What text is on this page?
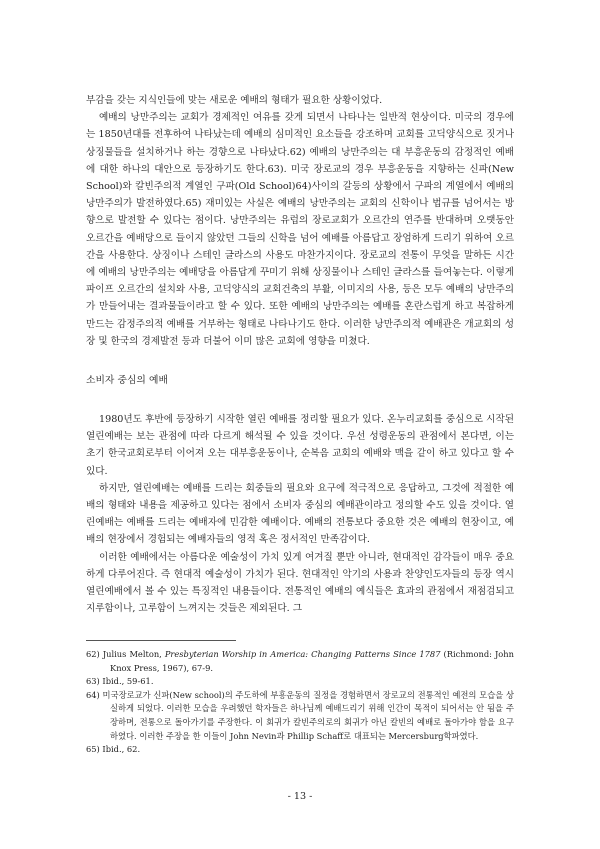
부감을 갖는 지식인들에 맞는 새로운 예배의 형태가 필요한 상황이었다.

예배의 낭만주의는 교회가 경제적인 여유를 갖게 되면서 나타나는 일반적 현상이다. 미국의 경우에는 1850년대를 전후하여 나타났는데 예배의 심미적인 요소들을 강조하며 교회를 고딕양식으로 짓거나 상징물들을 설치하거나 하는 경향으로 나타났다.62) 예배의 낭만주의는 대 부흥운동의 감정적인 예배에 대한 하나의 대안으로 등장하기도 한다.63). 미국 장로교의 경우 부흥운동을 지향하는 신파(New School)와 칼빈주의적 계열인 구파(Old School)64)사이의 갈등의 상황에서 구파의 계열에서 예배의 낭만주의가 발전하였다.65) 재미있는 사실은 예배의 낭만주의는 교회의 신학이나 법규를 넘어서는 방향으로 발전할 수 있다는 점이다. 낭만주의는 유럽의 장로교회가 오르간의 연주를 반대하며 오랫동안 오르간을 예배당으로 들이지 않았던 그들의 신학을 넘어 예배를 아름답고 장엄하게 드리기 위하여 오르간을 사용한다. 상징이나 스테인 글라스의 사용도 마찬가지이다. 장로교의 전통이 무엇을 말하든 시간에 예배의 낭만주의는 예배당을 아름답게 꾸미기 위해 상징물이나 스테인 글라스를 들여놓는다. 이렇게 파이프 오르간의 설치와 사용, 고딕양식의 교회건축의 부활, 이미지의 사용, 등은 모두 예배의 낭만주의가 만들어내는 결과물들이라고 할 수 있다. 또한 예배의 낭만주의는 예배를 혼란스럽게 하고 복잡하게 만드는 감정주의적 예배를 거부하는 형태로 나타나기도 한다. 이러한 낭만주의적 예배관은 개교회의 성장 및 한국의 경제발전 등과 더불어 이미 많은 교회에 영향을 미쳤다.

소비자 중심의 예배

1980년도 후반에 등장하기 시작한 열린 예배를 정리할 필요가 있다. 온누리교회를 중심으로 시작된 열린예배는 보는 관점에 따라 다르게 해석될 수 있을 것이다. 우선 성령운동의 관점에서 본다면, 이는 초기 한국교회로부터 이어져 오는 대부흥운동이나, 순복음 교회의 예배와 맥을 같이 하고 있다고 할 수 있다.

하지만, 열린예배는 예배를 드리는 회중들의 필요와 요구에 적극적으로 응답하고, 그것에 적절한 예배의 형태와 내용을 제공하고 있다는 점에서 소비자 중심의 예배관이라고 정의할 수도 있을 것이다. 열린예배는 예배를 드리는 예배자에 민감한 예배이다. 예배의 전통보다 중요한 것은 예배의 현장이고, 예배의 현장에서 경험되는 예배자들의 영적 혹은 정서적인 만족감이다.

이러한 예배에서는 아름다운 예술성이 가치 있게 여겨질 뿐만 아니라, 현대적인 감각들이 매우 중요하게 다루어진다. 즉 현대적 예술성이 가치가 된다. 현대적인 악기의 사용과 찬양인도자들의 등장 역시 열린예배에서 볼 수 있는 특징적인 내용들이다. 전통적인 예배의 예식들은 효과의 관점에서 재점검되고 지루함이나, 고루함이 느껴지는 것들은 제외된다. 그

62) Julius Melton, Presbyterian Worship in America: Changing Patterns Since 1787 (Richmond: John Knox Press, 1967), 67-9.
63) Ibid., 59-61.
64) 미국장로교가 신파(New school)의 주도하에 부흥운동의 질정을 경험하면서 장로교의 전통적인 예전의 모습을 상실하게 되었다. 이러한 모습을 우려했던 학자들은 하나님께 예배드리기 위해 인간이 목적이 되어서는 안 됨을 주장하며, 전통으로 돌아가기를 주장한다. 이 회귀가 칼빈주의로의 회귀가 아닌 칼빈의 예배로 돌아가야 함을 요구하였다. 이러한 주장을 한 이들이 John Nevin과 Phillip Schaff로 대표되는 Mercersburg학파였다.
65) Ibid., 62.
- 13 -
